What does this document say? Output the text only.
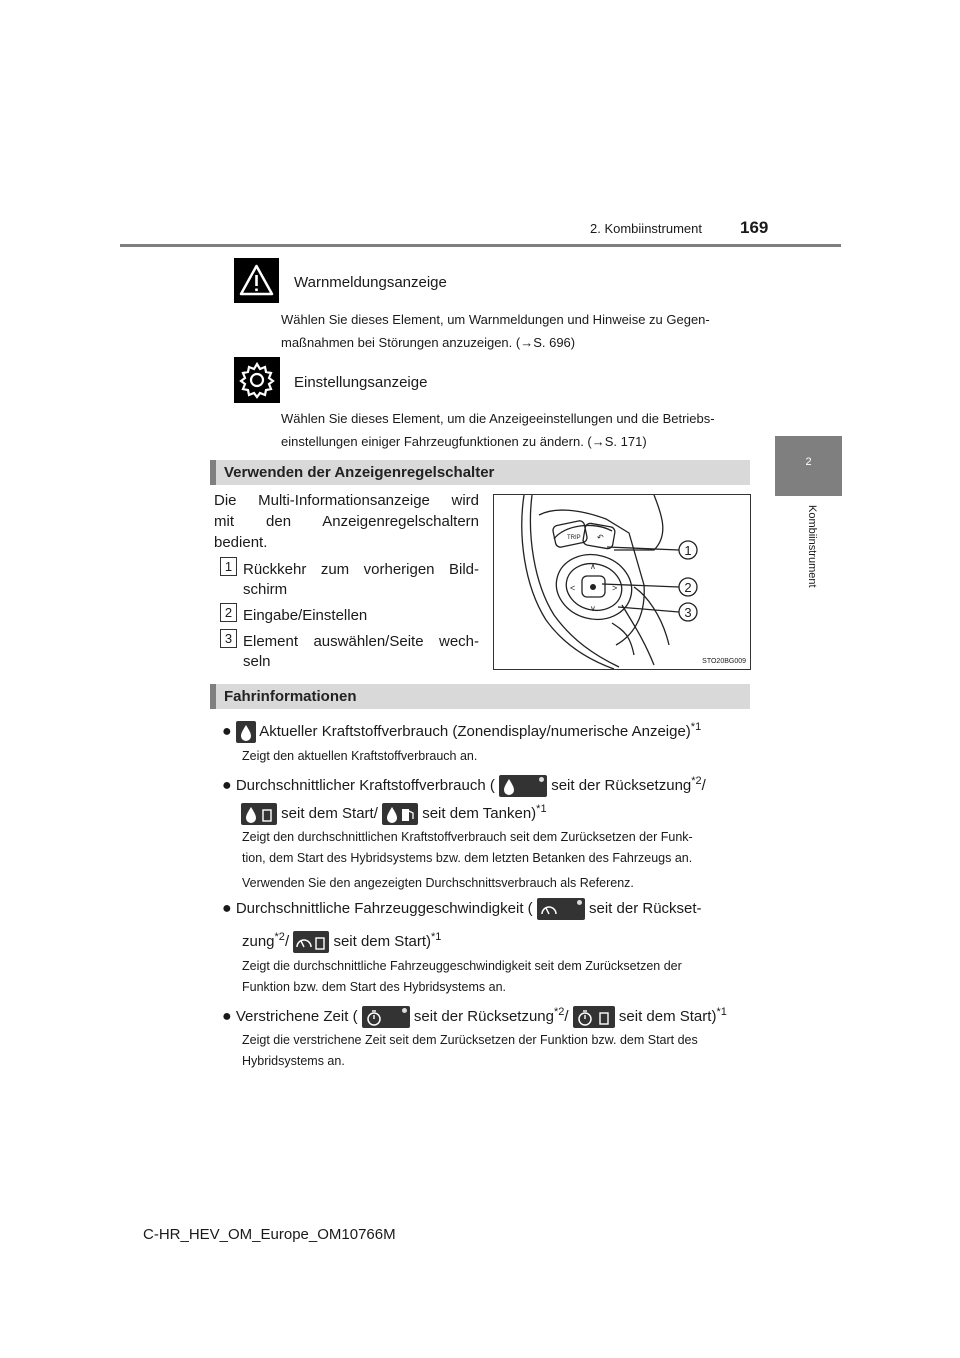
2. Kombiinstrument 169
2
Kombiinstrument
Warnmeldungsanzeige
Wählen Sie dieses Element, um Warnmeldungen und Hinweise zu Gegen-
maßnahmen bei Störungen anzuzeigen. (→S. 696)
Einstellungsanzeige
Wählen Sie dieses Element, um die Anzeigeeinstellungen und die Betriebs-
einstellungen einiger Fahrzeugfunktionen zu ändern. (→S. 171)
Verwenden der Anzeigenregelschalter
Die Multi-Informationsanzeige wird
mit den Anzeigenregelschaltern
bedient.
1 Rückkehr zum vorherigen Bild-
schirm
2 Eingabe/Einstellen
3 Element auswählen/Seite wech-
seln
TRIP ↶
∧
∨
<	>
1
2
3
STO20BG009
Fahrinformationen
● Aktueller Kraftstoffverbrauch (Zonendisplay/numerische Anzeige)$^{*1}$
Zeigt den aktuellen Kraftstoffverbrauch an.
● Durchschnittlicher Kraftstoffverbrauch (	seit der Rücksetzung$^{*2}$/
seit dem Start/	seit dem Tanken)$^{*1}$
Zeigt den durchschnittlichen Kraftstoffverbrauch seit dem Zurücksetzen der Funk-
tion, dem Start des Hybridsystems bzw. dem letzten Betanken des Fahrzeugs an.
Verwenden Sie den angezeigten Durchschnittsverbrauch als Referenz.
● Durchschnittliche Fahrzeuggeschwindigkeit (	seit der Rückset-
zung$^{*2}$/	seit dem Start)$^{*1}$
Zeigt die durchschnittliche Fahrzeuggeschwindigkeit seit dem Zurücksetzen der
Funktion bzw. dem Start des Hybridsystems an.
● Verstrichene Zeit (	seit der Rücksetzung$^{*2}$/	seit dem Start)$^{*1}$
Zeigt die verstrichene Zeit seit dem Zurücksetzen der Funktion bzw. dem Start des
Hybridsystems an.
C-HR_HEV_OM_Europe_OM10766M
